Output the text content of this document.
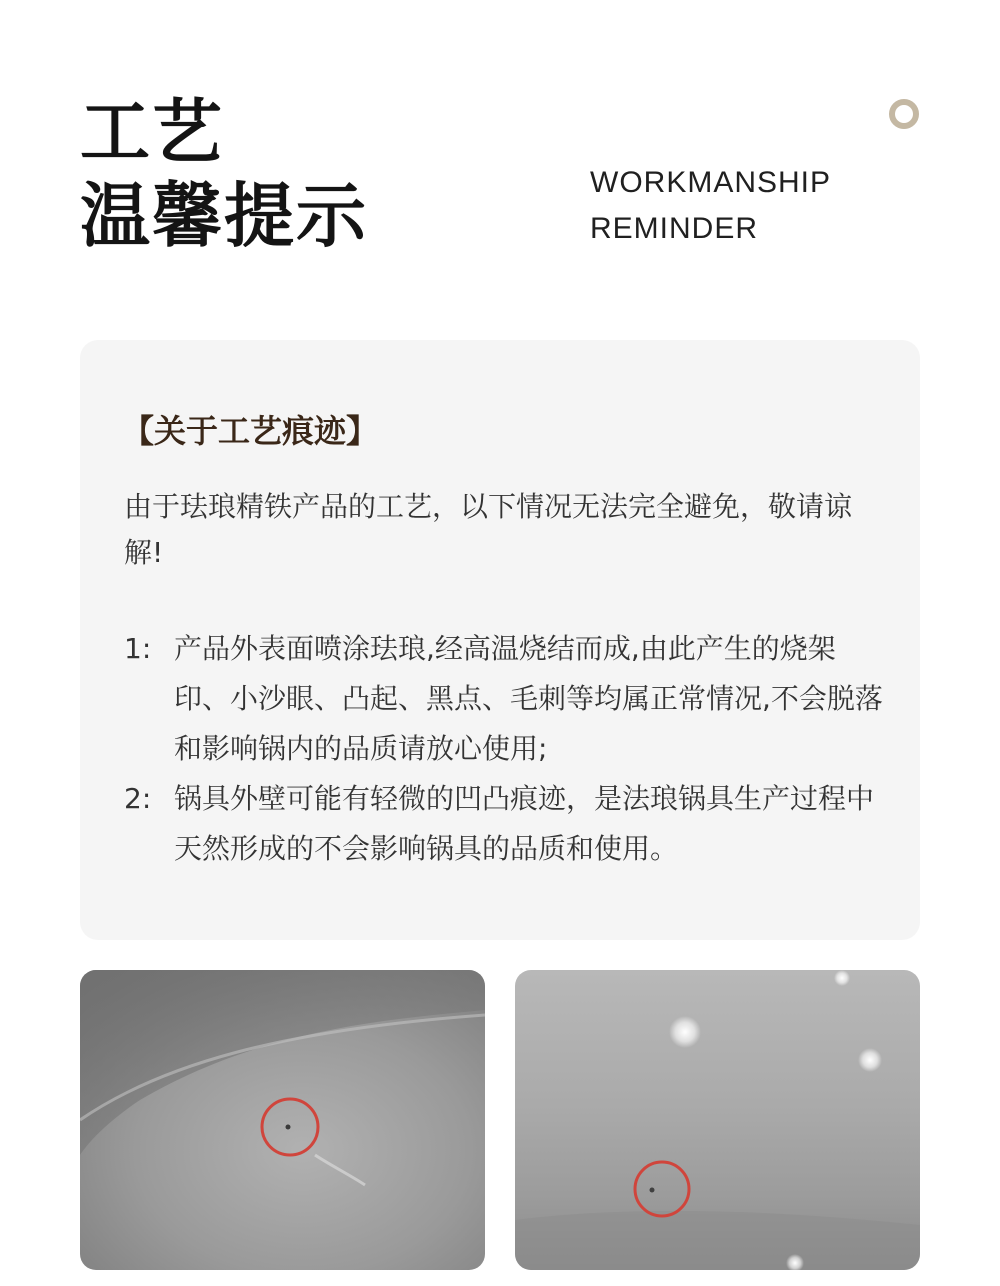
工艺
温馨提示	WORKMANSHIP
REMINDER
【关于工艺痕迹】
由于珐琅精铁产品的工艺，以下情况无法完全避免，敬请谅解!
1: 产品外表面喷涂珐琅,经高温烧结而成,由此产生的烧架印、小沙眼、凸起、黑点、毛刺等均属正常情况,不会脱落和影响锅内的品质请放心使用;
2: 锅具外壁可能有轻微的凹凸痕迹，是法琅锅具生产过程中天然形成的不会影响锅具的品质和使用。
